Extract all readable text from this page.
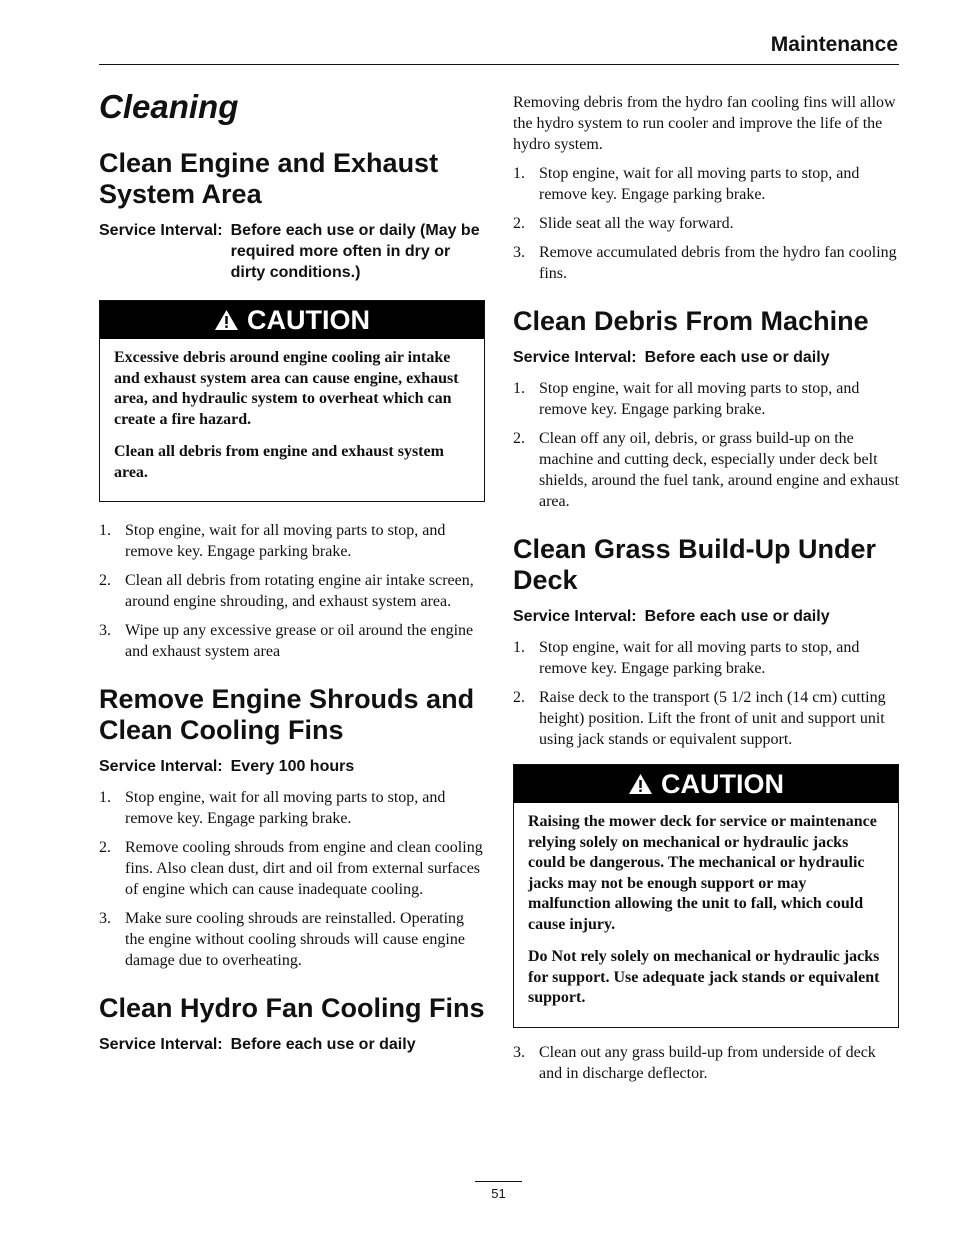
Maintenance
Cleaning
Clean Engine and Exhaust System Area
Service Interval: Before each use or daily (May be required more often in dry or dirty conditions.)
CAUTION

Excessive debris around engine cooling air intake and exhaust system area can cause engine, exhaust area, and hydraulic system to overheat which can create a fire hazard.

Clean all debris from engine and exhaust system area.

1. Stop engine, wait for all moving parts to stop, and remove key. Engage parking brake.
2. Clean all debris from rotating engine air intake screen, around engine shrouding, and exhaust system area.
3. Wipe up any excessive grease or oil around the engine and exhaust system area
Remove Engine Shrouds and Clean Cooling Fins
Service Interval: Every 100 hours
1. Stop engine, wait for all moving parts to stop, and remove key. Engage parking brake.
2. Remove cooling shrouds from engine and clean cooling fins. Also clean dust, dirt and oil from external surfaces of engine which can cause inadequate cooling.
3. Make sure cooling shrouds are reinstalled. Operating the engine without cooling shrouds will cause engine damage due to overheating.
Clean Hydro Fan Cooling Fins
Service Interval: Before each use or daily

Removing debris from the hydro fan cooling fins will allow the hydro system to run cooler and improve the life of the hydro system.

1. Stop engine, wait for all moving parts to stop, and remove key. Engage parking brake.
2. Slide seat all the way forward.
3. Remove accumulated debris from the hydro fan cooling fins.
Clean Debris From Machine
Service Interval: Before each use or daily
1. Stop engine, wait for all moving parts to stop, and remove key. Engage parking brake.
2. Clean off any oil, debris, or grass build-up on the machine and cutting deck, especially under deck belt shields, around the fuel tank, around engine and exhaust area.
Clean Grass Build-Up Under Deck
Service Interval: Before each use or daily
1. Stop engine, wait for all moving parts to stop, and remove key. Engage parking brake.
2. Raise deck to the transport (5 1/2 inch (14 cm) cutting height) position. Lift the front of unit and support unit using jack stands or equivalent support.
CAUTION

Raising the mower deck for service or maintenance relying solely on mechanical or hydraulic jacks could be dangerous. The mechanical or hydraulic jacks may not be enough support or may malfunction allowing the unit to fall, which could cause injury.

Do Not rely solely on mechanical or hydraulic jacks for support. Use adequate jack stands or equivalent support.

3. Clean out any grass build-up from underside of deck and in discharge deflector.
51
